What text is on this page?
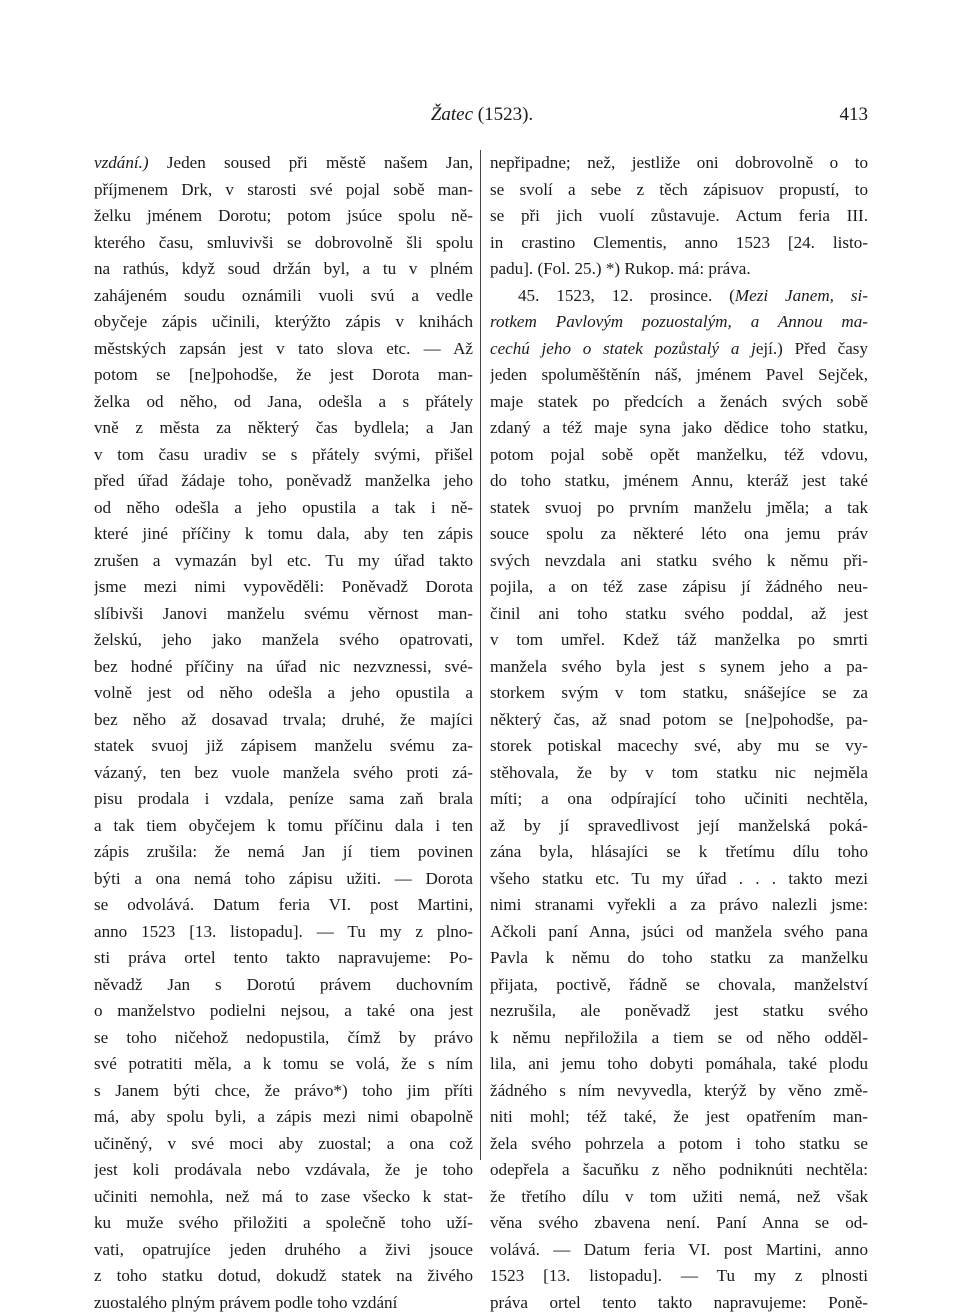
Žatec (1523).	413
vzdání.) Jeden soused při městě našem Jan,
příjmenem Drk, v starosti své pojal sobě man-
želku jménem Dorotu; potom jsúce spolu ně-
kterého času, smluvivši se dobrovolně šli spolu
na rathús, když soud držán byl, a tu v plném
zahájeném soudu oznámili vuoli svú a vedle
obyčeje zápis učinili, kterýžto zápis v knihách
městských zapsán jest v tato slova etc. — Až
potom se [ne]pohodše, že jest Dorota man-
želka od něho, od Jana, odešla a s přátely
vně z města za některý čas bydlela; a Jan
v tom času uradiv se s přátely svými, přišel
před úřad žádaje toho, poněvadž manželka jeho
od něho odešla a jeho opustila a tak i ně-
které jiné příčiny k tomu dala, aby ten zápis
zrušen a vymazán byl etc. Tu my úřad takto
jsme mezi nimi vypověděli: Poněvadž Dorota
slíbivši Janovi manželu svému věrnost man-
želskú, jeho jako manžela svého opatrovati,
bez hodné příčiny na úřad nic nezvznessi, své-
volně jest od něho odešla a jeho opustila a
bez něho až dosavad trvala; druhé, že majíci
statek svuoj již zápisem manželu svému za-
vázaný, ten bez vuole manžela svého proti zá-
pisu prodala i vzdala, peníze sama zaň brala
a tak tiem obyčejem k tomu příčinu dala i ten
zápis zrušila: že nemá Jan jí tiem povinen
býti a ona nemá toho zápisu užiti. — Dorota
se odvolává. Datum feria VI. post Martini,
anno 1523 [13. listopadu]. — Tu my z plno-
sti práva ortel tento takto napravujeme: Po-
něvadž Jan s Dorotú právem duchovním
o manželstvo podielni nejsou, a také ona jest
se toho ničehož nedopustila, čímž by právo
své potratiti měla, a k tomu se volá, že s ním
s Janem býti chce, že právo*) toho jim příti
má, aby spolu byli, a zápis mezi nimi obapolně
učiněný, v své moci aby zuostal; a ona což
jest koli prodávala nebo vzdávala, že je toho
učiniti nemohla, než má to zase všecko k stat-
ku muže svého přiložiti a společně toho uží-
vati, opatrujíce jeden druhého a živi jsouce
z toho statku dotud, dokudž statek na živého
zuostalého plným právem podle toho vzdání
nepřipadne; než, jestliže oni dobrovolně o to
se svolí a sebe z těch zápisuov propustí, to
se při jich vuolí zůstavuje. Actum feria III.
in crastino Clementis, anno 1523 [24. listo-
padu]. (Fol. 25.) *) Rukop. má: práva.
45. 1523, 12. prosince. (Mezi Janem, si-
rotkem Pavlovým pozuostalým, a Annou ma-
cechú jeho o statek pozůstalý a její.) Před časy
jeden spoluměštěnín náš, jménem Pavel Sejček,
maje statek po předcích a ženách svých sobě
zdaný a též maje syna jako dědice toho statku,
potom pojal sobě opět manželku, též vdovu,
do toho statku, jménem Annu, kteráž jest také
statek svuoj po prvním manželu jměla; a tak
souce spolu za některé léto ona jemu práv
svých nevzdala ani statku svého k němu při-
pojila, a on též zase zápisu jí žádného neu-
činil ani toho statku svého poddal, až jest
v tom umřel. Kdež táž manželka po smrti
manžela svého byla jest s synem jeho a pa-
storkem svým v tom statku, snášejíce se za
některý čas, až snad potom se [ne]pohodše, pa-
storek potiskal macechy své, aby mu se vy-
stěhovala, že by v tom statku nic nejměla
míti; a ona odpírající toho učiniti nechtěla,
až by jí spravedlivost její manželská poká-
zána byla, hlásajíci se k třetímu dílu toho
všeho statku etc. Tu my úřad . . . takto mezi
nimi stranami vyřekli a za právo nalezli jsme:
Ačkoli paní Anna, jsúci od manžela svého pana
Pavla k němu do toho statku za manželku
přijata, poctivě, řádně se chovala, manželství
nezrušila, ale poněvadž jest statku svého
k němu nepřiložila a tiem se od něho odděl-
lila, ani jemu toho dobyti pomáhala, také plodu
žádného s ním nevyvedla, kterýž by věno změ-
niti mohl; též také, že jest opatřením man-
žela svého pohrzela a potom i toho statku se
odepřela a šacuňku z něho podniknúti nechtěla:
že třetího dílu v tom užiti nemá, než však
věna svého zbavena není. Paní Anna se od-
volává. — Datum feria VI. post Martini, anno
1523 [13. listopadu]. — Tu my z plnosti
práva ortel tento takto napravujeme: Poně-
